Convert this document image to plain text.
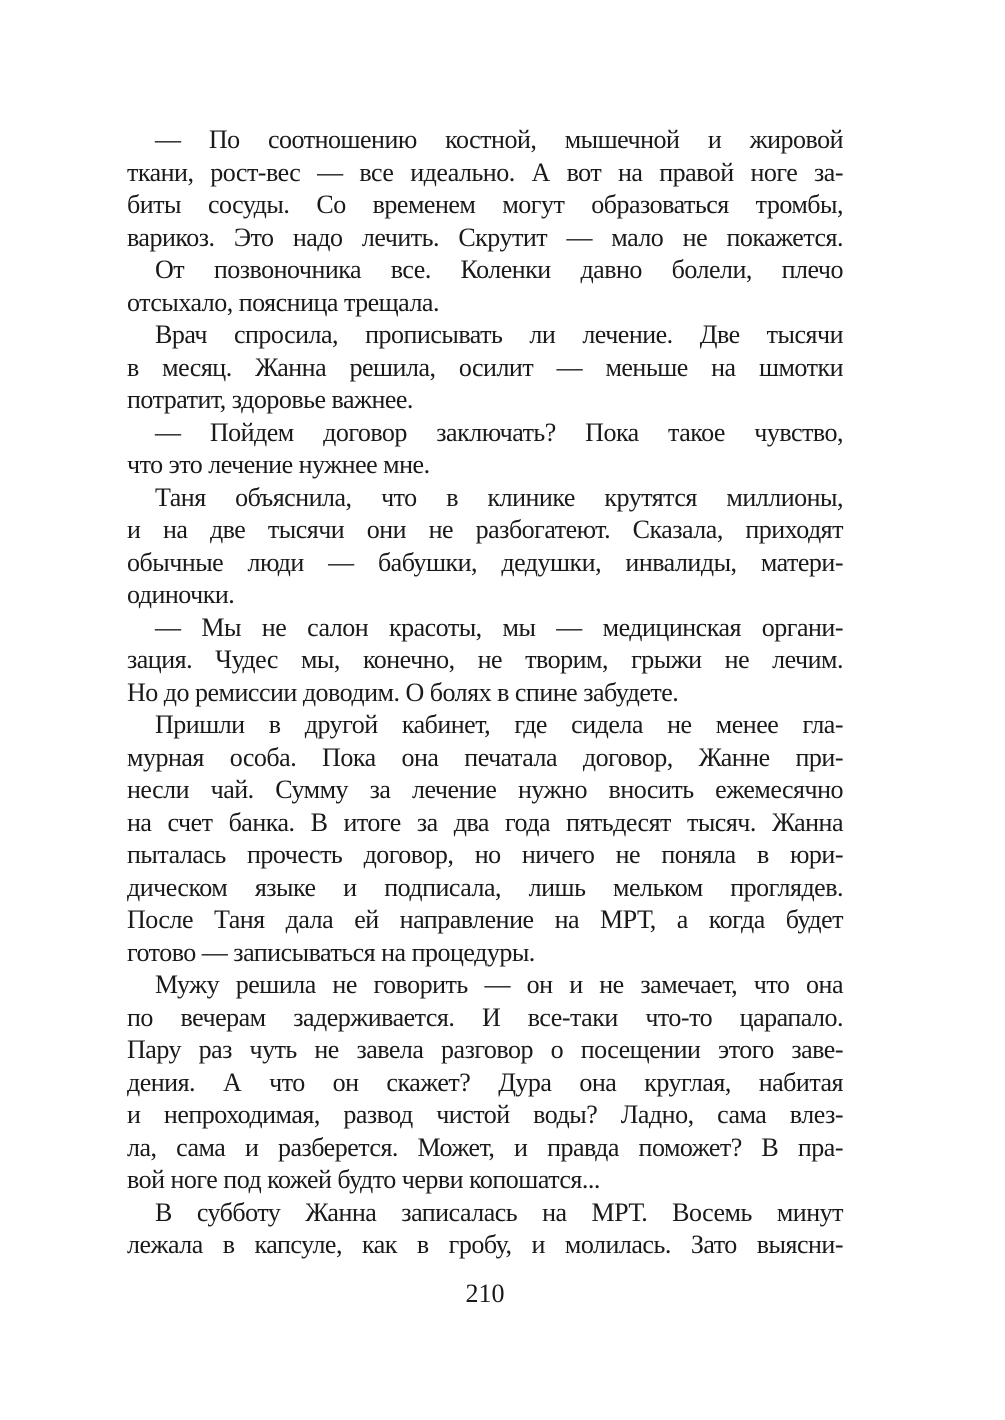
— По соотношению костной, мышечной и жировой
ткани, рост-вес — все идеально. А вот на правой ноге за-
биты сосуды. Со временем могут образоваться тромбы,
варикоз. Это надо лечить. Скрутит — мало не покажется.
От позвоночника все. Коленки давно болели, плечо
отсыхало, поясница трещала.
Врач спросила, прописывать ли лечение. Две тысячи
в месяц. Жанна решила, осилит — меньше на шмотки
потратит, здоровье важнее.
— Пойдем договор заключать? Пока такое чувство,
что это лечение нужнее мне.
Таня объяснила, что в клинике крутятся миллионы,
и на две тысячи они не разбогатеют. Сказала, приходят
обычные люди — бабушки, дедушки, инвалиды, матери-
одиночки.
— Мы не салон красоты, мы — медицинская органи-
зация. Чудес мы, конечно, не творим, грыжи не лечим.
Но до ремиссии доводим. О болях в спине забудете.
Пришли в другой кабинет, где сидела не менее гла-
мурная особа. Пока она печатала договор, Жанне при-
несли чай. Сумму за лечение нужно вносить ежемесячно
на счет банка. В итоге за два года пятьдесят тысяч. Жанна
пыталась прочесть договор, но ничего не поняла в юри-
дическом языке и подписала, лишь мельком проглядев.
После Таня дала ей направление на МРТ, а когда будет
готово — записываться на процедуры.
Мужу решила не говорить — он и не замечает, что она
по вечерам задерживается. И все-таки что-то царапало.
Пару раз чуть не завела разговор о посещении этого заве-
дения. А что он скажет? Дура она круглая, набитая
и непроходимая, развод чистой воды? Ладно, сама влез-
ла, сама и разберется. Может, и правда поможет? В пра-
вой ноге под кожей будто черви копошатся...
В субботу Жанна записалась на МРТ. Восемь минут
лежала в капсуле, как в гробу, и молилась. Зато выясни-
210
